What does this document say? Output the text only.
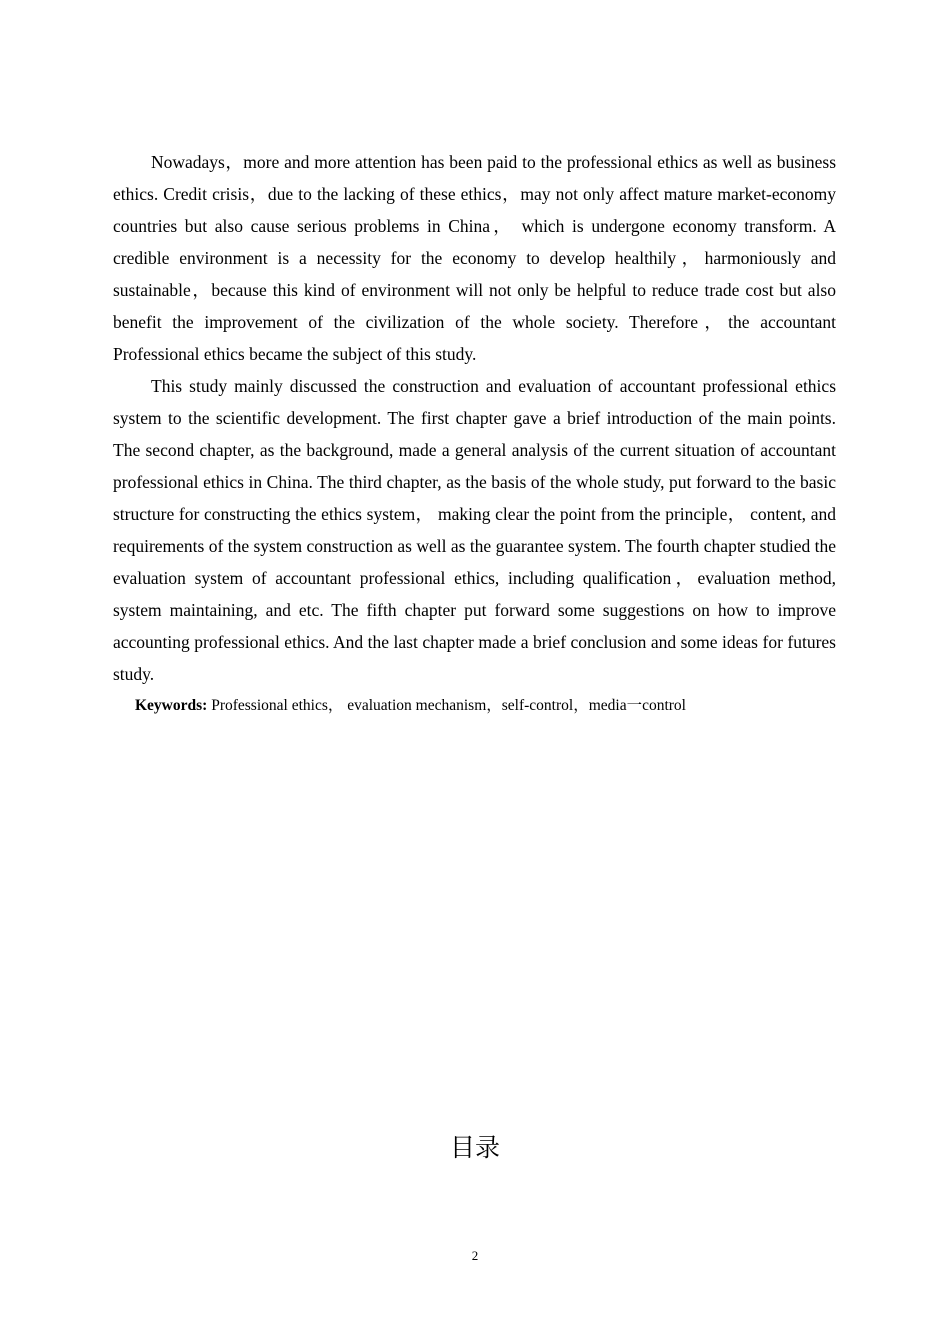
Nowadays，more and more attention has been paid to the professional ethics as well as business ethics. Credit crisis，due to the lacking of these ethics，may not only affect mature market-economy countries but also cause serious problems in China， which is undergone economy transform. A credible environment is a necessity for the economy to develop healthily，harmoniously and sustainable，because this kind of environment will not only be helpful to reduce trade cost but also benefit the improvement of the civilization of the whole society. Therefore，the accountant Professional ethics became the subject of this study.

This study mainly discussed the construction and evaluation of accountant professional ethics system to the scientific development. The first chapter gave a brief introduction of the main points. The second chapter, as the background, made a general analysis of the current situation of accountant professional ethics in China. The third chapter, as the basis of the whole study, put forward to the basic structure for constructing the ethics system， making clear the point from the principle， content, and requirements of the system construction as well as the guarantee system. The fourth chapter studied the evaluation system of accountant professional ethics, including qualification，evaluation method, system maintaining, and etc. The fifth chapter put forward some suggestions on how to improve accounting professional ethics. And the last chapter made a brief conclusion and some ideas for futures study.

Keywords: Professional ethics， evaluation mechanism，self-control，media一control

目录
2
